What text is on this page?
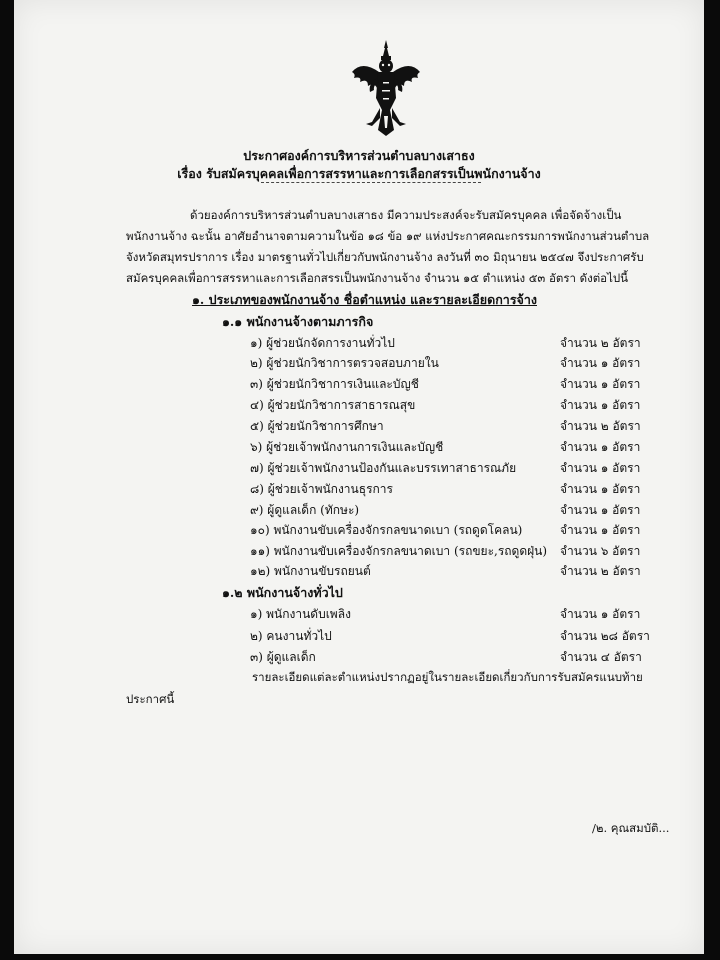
ประกาศองค์การบริหารส่วนตำบลบางเสาธง
เรื่อง รับสมัครบุคคลเพื่อการสรรหาและการเลือกสรรเป็นพนักงานจ้าง
ด้วยองค์การบริหารส่วนตำบลบางเสาธง มีความประสงค์จะรับสมัครบุคคล เพื่อจัดจ้างเป็น
พนักงานจ้าง ฉะนั้น อาศัยอำนาจตามความในข้อ ๑๘ ข้อ ๑๙ แห่งประกาศคณะกรรมการพนักงานส่วนตำบล
จังหวัดสมุทรปราการ เรื่อง มาตรฐานทั่วไปเกี่ยวกับพนักงานจ้าง ลงวันที่ ๓๐ มิถุนายน ๒๕๔๗ จึงประกาศรับ
สมัครบุคคลเพื่อการสรรหาและการเลือกสรรเป็นพนักงานจ้าง จำนวน ๑๕ ตำแหน่ง ๕๓ อัตรา ดังต่อไปนี้
๑. ประเภทของพนักงานจ้าง ชื่อตำแหน่ง และรายละเอียดการจ้าง
๑.๑ พนักงานจ้างตามภารกิจ
๑) ผู้ช่วยนักจัดการงานทั่วไป	จำนวน ๒ อัตรา
๒) ผู้ช่วยนักวิชาการตรวจสอบภายใน	จำนวน ๑ อัตรา
๓) ผู้ช่วยนักวิชาการเงินและบัญชี	จำนวน ๑ อัตรา
๔) ผู้ช่วยนักวิชาการสาธารณสุข	จำนวน ๑ อัตรา
๕) ผู้ช่วยนักวิชาการศึกษา	จำนวน ๒ อัตรา
๖) ผู้ช่วยเจ้าพนักงานการเงินและบัญชี	จำนวน ๑ อัตรา
๗) ผู้ช่วยเจ้าพนักงานป้องกันและบรรเทาสาธารณภัย	จำนวน ๑ อัตรา
๘) ผู้ช่วยเจ้าพนักงานธุรการ	จำนวน ๑ อัตรา
๙) ผู้ดูแลเด็ก (ทักษะ)	จำนวน ๑ อัตรา
๑๐) พนักงานขับเครื่องจักรกลขนาดเบา (รถดูดโคลน)	จำนวน ๑ อัตรา
๑๑) พนักงานขับเครื่องจักรกลขนาดเบา (รถขยะ,รถดูดฝุ่น) จำนวน ๖ อัตรา
๑๒) พนักงานขับรถยนต์	จำนวน ๒ อัตรา
๑.๒ พนักงานจ้างทั่วไป
๑) พนักงานดับเพลิง	จำนวน ๑ อัตรา
๒) คนงานทั่วไป	จำนวน ๒๘ อัตรา
๓) ผู้ดูแลเด็ก	จำนวน ๔ อัตรา
รายละเอียดแต่ละตำแหน่งปรากฏอยู่ในรายละเอียดเกี่ยวกับการรับสมัครแนบท้าย
ประกาศนี้
/๒. คุณสมบัติ...
